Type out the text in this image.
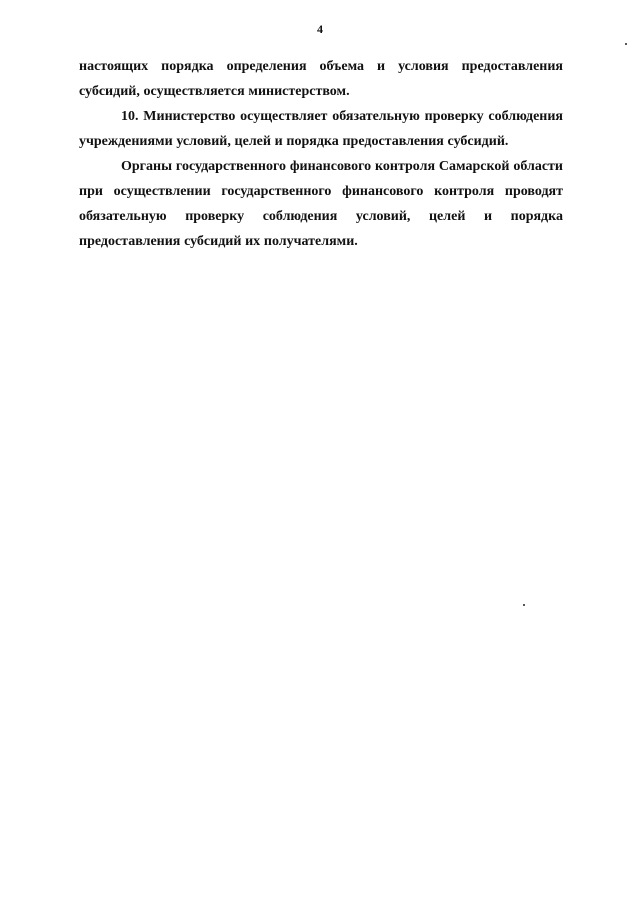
4

настоящих порядка определения объема и условия предоставления субсидий, осуществляется министерством.

10. Министерство осуществляет обязательную проверку соблюдения учреждениями условий, целей и порядка предоставления субсидий.

Органы государственного финансового контроля Самарской области при осуществлении государственного финансового контроля проводят обязательную проверку соблюдения условий, целей и порядка предоставления субсидий их получателями.
